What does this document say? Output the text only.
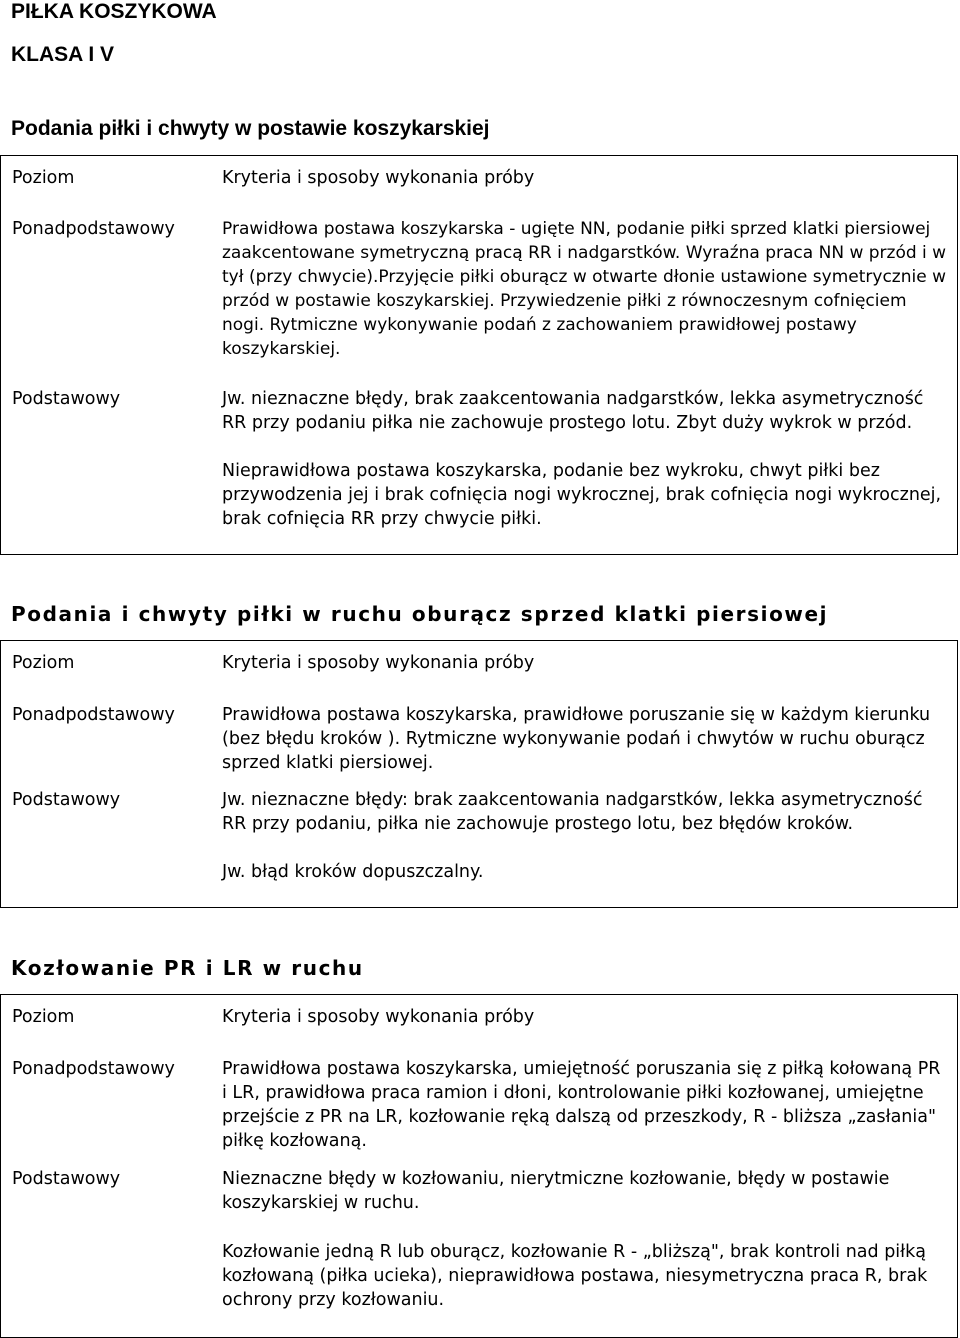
PIŁKA KOSZYKOWA
KLASA I V
Podania piłki i chwyty w postawie koszykarskiej
Poziom	Kryteria i sposoby wykonania próby
Ponadpodstawowy	Prawidłowa postawa koszykarska - ugięte NN, podanie piłki sprzed klatki piersiowej zaakcentowane symetryczną pracą RR i nadgarstków. Wyraźna praca NN w przód i w tył (przy chwycie).Przyjęcie piłki oburącz w otwarte dłonie ustawione symetrycznie w przód w postawie koszykarskiej. Przywiedzenie piłki z równoczesnym cofnięciem nogi. Rytmiczne wykonywanie podań z zachowaniem prawidłowej postawy koszykarskiej.
Podstawowy	Jw. nieznaczne błędy, brak zaakcentowania nadgarstków, lekka asymetryczność RR przy podaniu piłka nie zachowuje prostego lotu. Zbyt duży wykrok w przód.
Nieprawidłowa postawa koszykarska, podanie bez wykroku, chwyt piłki bez przywodzenia jej i brak cofnięcia nogi wykrocznej, brak cofnięcia nogi wykrocznej, brak cofnięcia RR przy chwycie piłki.
Podania i chwyty piłki w ruchu oburącz sprzed klatki piersiowej
Poziom	Kryteria i sposoby wykonania próby
Ponadpodstawowy	Prawidłowa postawa koszykarska, prawidłowe poruszanie się w każdym kierunku (bez błędu kroków ). Rytmiczne wykonywanie podań i chwytów w ruchu oburącz sprzed klatki piersiowej.
Podstawowy	Jw. nieznaczne błędy: brak zaakcentowania nadgarstków, lekka asymetryczność RR przy podaniu, piłka nie zachowuje prostego lotu, bez błędów kroków.
Jw. błąd kroków dopuszczalny.
Kozłowanie PR i LR w ruchu
Poziom	Kryteria i sposoby wykonania próby
Ponadpodstawowy	Prawidłowa postawa koszykarska, umiejętność poruszania się z piłką kołowaną PR i LR, prawidłowa praca ramion i dłoni, kontrolowanie piłki kozłowanej, umiejętne przejście z PR na LR, kozłowanie ręką dalszą od przeszkody, R - bliższa „zasłania" piłkę kozłowaną.
Podstawowy	Nieznaczne błędy w kozłowaniu, nierytmiczne kozłowanie, błędy w postawie koszykarskiej w ruchu.
Kozłowanie jedną R lub oburącz, kozłowanie R - „bliższą", brak kontroli nad piłką kozłowaną (piłka ucieka), nieprawidłowa postawa, niesymetryczna praca R, brak ochrony przy kozłowaniu.
